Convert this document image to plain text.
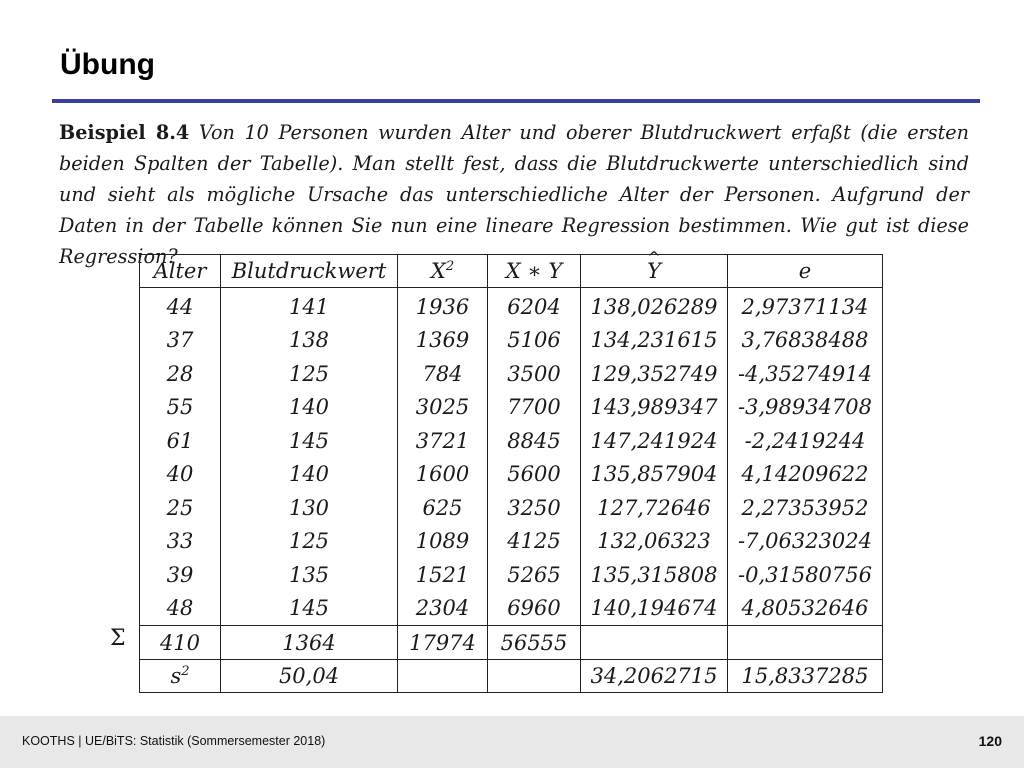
Übung
Beispiel 8.4 Von 10 Personen wurden Alter und oberer Blutdruckwert erfaßt (die ersten beiden Spalten der Tabelle). Man stellt fest, dass die Blutdruckwerte unterschiedlich sind und sieht als mögliche Ursache das unterschiedliche Alter der Personen. Aufgrund der Daten in der Tabelle können Sie nun eine lineare Regression bestimmen. Wie gut ist diese Regression?
Σ
Alter	Blutdruckwert	$X^2$	X ∗ Y	^ Y	e
44	141	1936	6204	138,026289	2,97371134
37	138	1369	5106	134,231615	3,76838488
28	125	784	3500	129,352749	-4,35274914
55	140	3025	7700	143,989347	-3,98934708
61	145	3721	8845	147,241924	-2,2419244
40	140	1600	5600	135,857904	4,14209622
25	130	625	3250	127,72646	2,27353952
33	125	1089	4125	132,06323	-7,06323024
39	135	1521	5265	135,315808	-0,31580756
48	145	2304	6960	140,194674	4,80532646
410	1364	17974	56555		
$s^2$	50,04			34,2062715	15,8337285
KOOTHS | UE/BiTS: Statistik (Sommersemester 2018)	120
